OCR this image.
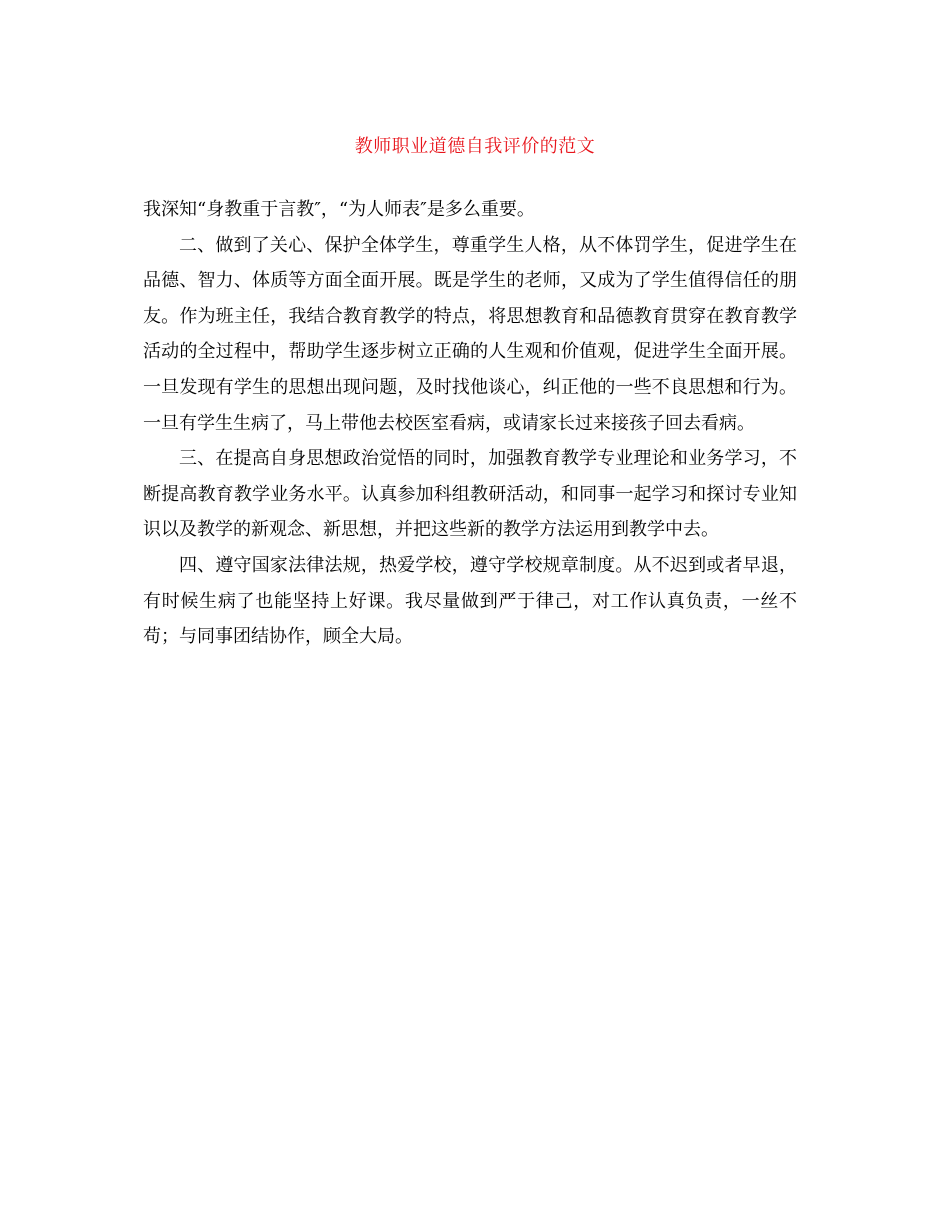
教师职业道德自我评价的范文

我深知“身教重于言教″，“为人师表″是多么重要。

二、做到了关心、保护全体学生，尊重学生人格，从不体罚学生，促进学生在品德、智力、体质等方面全面开展。既是学生的老师，又成为了学生值得信任的朋友。作为班主任，我结合教育教学的特点，将思想教育和品德教育贯穿在教育教学活动的全过程中，帮助学生逐步树立正确的人生观和价值观，促进学生全面开展。一旦发现有学生的思想出现问题，及时找他谈心，纠正他的一些不良思想和行为。一旦有学生生病了，马上带他去校医室看病，或请家长过来接孩子回去看病。

三、在提高自身思想政治觉悟的同时，加强教育教学专业理论和业务学习，不断提高教育教学业务水平。认真参加科组教研活动，和同事一起学习和探讨专业知识以及教学的新观念、新思想，并把这些新的教学方法运用到教学中去。

四、遵守国家法律法规，热爱学校，遵守学校规章制度。从不迟到或者早退，有时候生病了也能坚持上好课。我尽量做到严于律己，对工作认真负责，一丝不苟；与同事团结协作，顾全大局。
